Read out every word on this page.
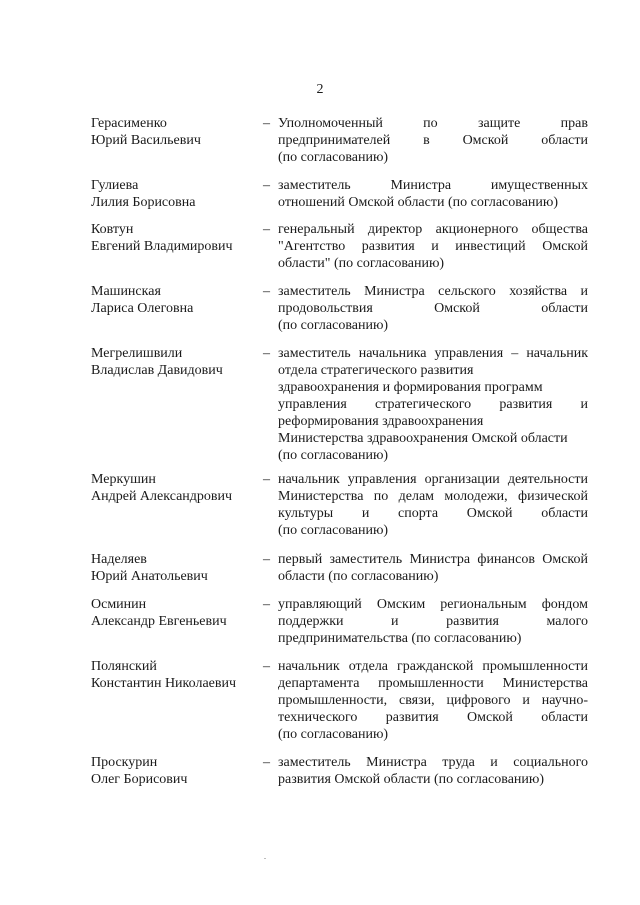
2
Герасименко
Юрий Васильевич
– Уполномоченный по защите прав
предпринимателей в Омской области
(по согласованию)
Гулиева
Лилия Борисовна
– заместитель Министра имущественных
отношений Омской области (по согласованию)
Ковтун
Евгений Владимирович
– генеральный директор акционерного общества
"Агентство развития и инвестиций Омской
области" (по согласованию)
Машинская
Лариса Олеговна
– заместитель Министра сельского хозяйства и
продовольствия Омской области
(по согласованию)
Мегрелишвили
Владислав Давидович
– заместитель начальника управления – начальник
отдела стратегического развития
здравоохранения и формирования программ
управления стратегического развития и
реформирования здравоохранения
Министерства здравоохранения Омской области
(по согласованию)
Меркушин
Андрей Александрович
– начальник управления организации деятельности
Министерства по делам молодежи, физической
культуры и спорта Омской области
(по согласованию)
Наделяев
Юрий Анатольевич
– первый заместитель Министра финансов Омской
области (по согласованию)
Осминин
Александр Евгеньевич
– управляющий Омским региональным фондом
поддержки и развития малого
предпринимательства (по согласованию)
Полянский
Константин Николаевич
– начальник отдела гражданской промышленности
департамента промышленности Министерства
промышленности, связи, цифрового и научно-
технического развития Омской области
(по согласованию)
Проскурин
Олег Борисович
– заместитель Министра труда и социального
развития Омской области (по согласованию)
